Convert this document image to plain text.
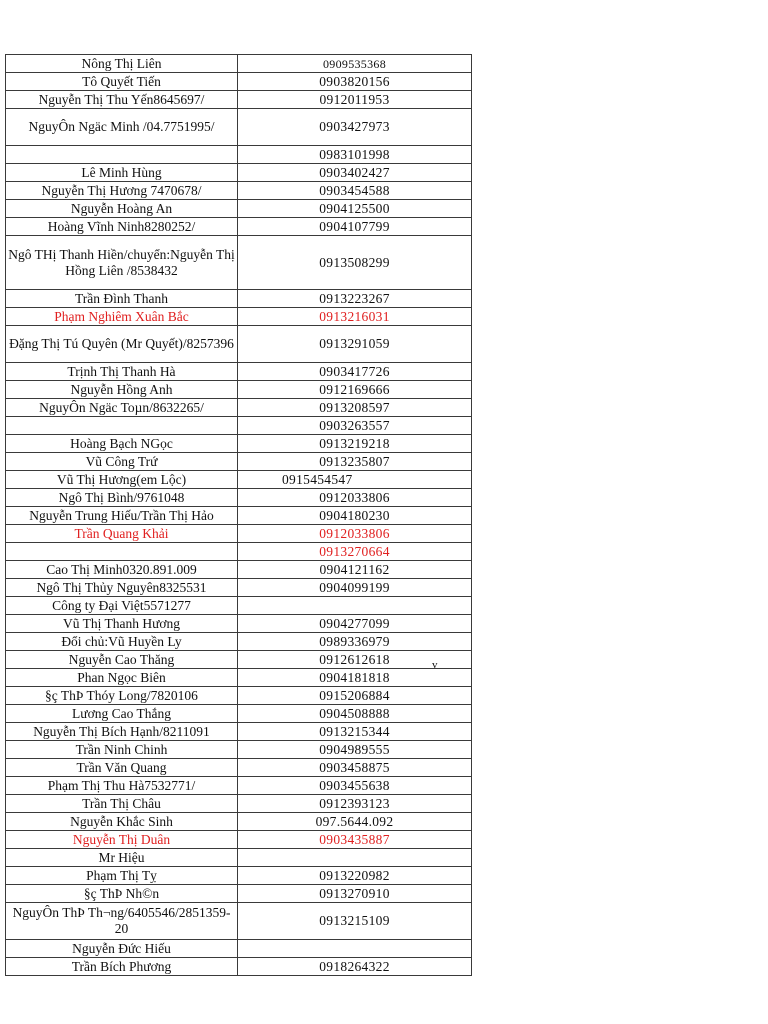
Nông Thị Liên	0909535368
Tô Quyết Tiến	0903820156
Nguyễn Thị Thu Yến8645697/	0912011953
NguyÔn Ngäc Minh /04.7751995/	0903427973
	0983101998
Lê Minh Hùng	0903402427
Nguyễn Thị Hương 7470678/	0903454588
Nguyễn Hoàng An	0904125500
Hoàng Vĩnh Ninh8280252/	0904107799
Ngô THị Thanh Hiền/chuyển:Nguyễn Thị Hồng Liên /8538432	0913508299
Trần Đình Thanh	0913223267
Phạm Nghiêm Xuân Bắc	0913216031
Đặng Thị Tú Quyên (Mr Quyết)/8257396	0913291059
Trịnh Thị Thanh Hà	0903417726
Nguyễn Hồng Anh	0912169666
NguyÔn Ngäc Toµn/8632265/	0913208597
	0903263557
Hoàng Bạch NGọc	0913219218
Vũ Công Trứ	0913235807
Vũ Thị Hương(em Lộc)	0915454547
Ngô Thị Bình/9761048	0912033806
Nguyễn Trung Hiếu/Trần Thị Hảo	0904180230
Trần Quang Khải	0912033806
	0913270664
Cao Thị Minh0320.891.009	0904121162
Ngô Thị Thủy Nguyên8325531	0904099199
Công ty Đại Việt5571277	
Vũ Thị Thanh Hương	0904277099
Đổi chủ:Vũ Huyền Ly	0989336979
Nguyễn Cao Thăng	0912612618
Phan Ngọc Biên	0904181818
§ç ThÞ Thóy Long/7820106	0915206884
Lương Cao Thắng	0904508888
Nguyễn Thị Bích Hạnh/8211091	0913215344
Trần Ninh Chinh	0904989555
Trần Văn Quang	0903458875
Phạm Thị Thu Hà7532771/	0903455638
Trần Thị Châu	0912393123
Nguyễn Khắc Sinh	097.5644.092
Nguyễn Thị Duân	0903435887
Mr Hiệu	
Phạm Thị Tỵ	0913220982
§ç ThÞ Nh©n	0913270910
NguyÔn ThÞ Th¬ng/6405546/2851359-20	0913215109
Nguyễn Đức Hiếu	
Trần Bích Phương	0918264322
v
